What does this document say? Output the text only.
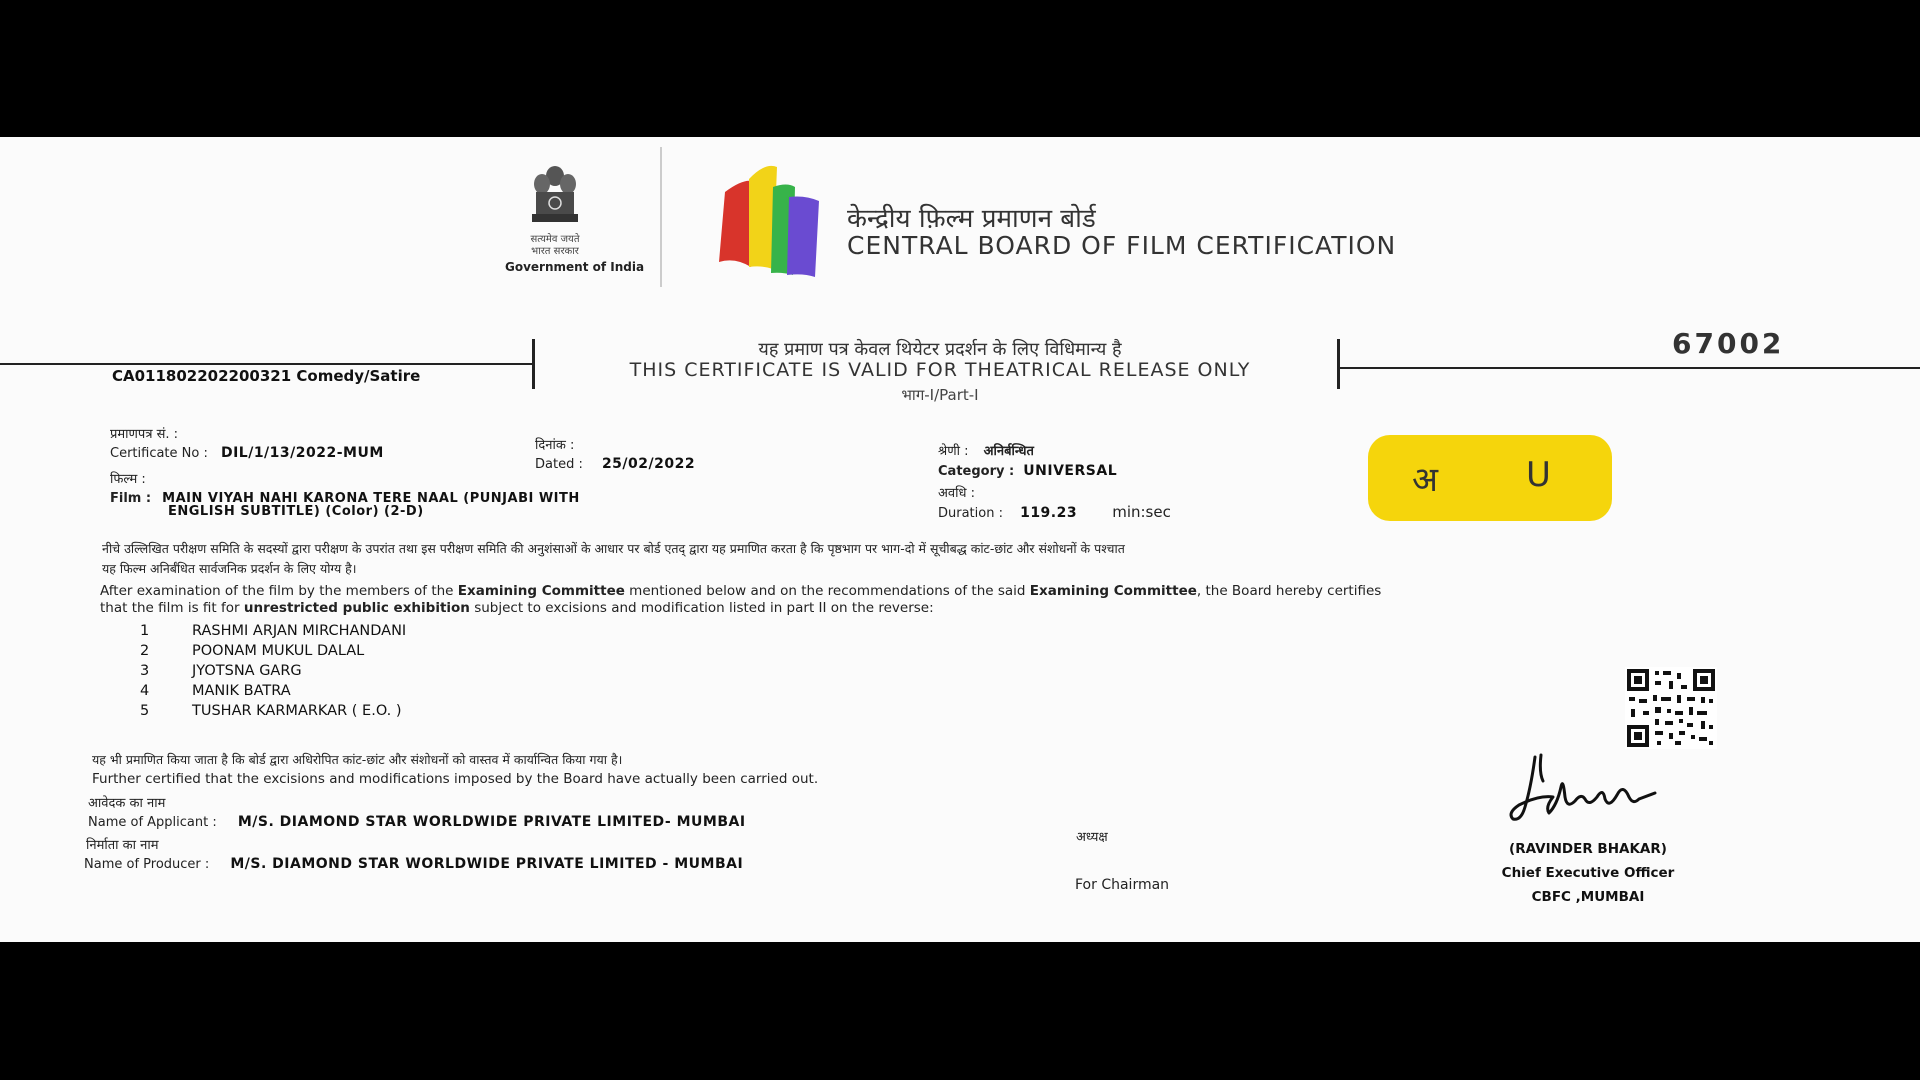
सत्यमेव जयते
भारत सरकार
Government of India
केन्द्रीय फ़िल्म प्रमाणन बोर्ड
CENTRAL BOARD OF FILM CERTIFICATION
यह प्रमाण पत्र केवल थियेटर प्रदर्शन के लिए विधिमान्य है
THIS CERTIFICATE IS VALID FOR THEATRICAL RELEASE ONLY
भाग-I/Part-I
67002
CA011802202200321 Comedy/Satire
प्रमाणपत्र सं. :
Certificate No : DIL/1/13/2022-MUM	दिनांक :
Dated : 25/02/2022
श्रेणी : अनिर्बन्धित
Category : UNIVERSAL
अवधि :
Duration : 119.23 min:sec
फिल्म :
Film : MAIN VIYAH NAHI KARONA TERE NAAL (PUNJABI WITH
ENGLISH SUBTITLE) (Color) (2-D)
अ	U
नीचे उल्लिखित परीक्षण समिति के सदस्यों द्वारा परीक्षण के उपरांत तथा इस परीक्षण समिति की अनुशंसाओं के आधार पर बोर्ड एतद् द्वारा यह प्रमाणित करता है कि पृष्ठभाग पर भाग-दो में सूचीबद्ध कांट-छांट और संशोधनों के पश्चात
यह फिल्म अनिर्बंधित सार्वजनिक प्रदर्शन के लिए योग्य है।
After examination of the film by the members of the Examining Committee mentioned below and on the recommendations of the said Examining Committee, the Board hereby certifies
that the film is fit for unrestricted public exhibition subject to excisions and modification listed in part II on the reverse:
1	RASHMI ARJAN MIRCHANDANI
2	POONAM MUKUL DALAL
3	JYOTSNA GARG
4	MANIK BATRA
5	TUSHAR KARMARKAR ( E.O. )
यह भी प्रमाणित किया जाता है कि बोर्ड द्वारा अधिरोपित कांट-छांट और संशोधनों को वास्तव में कार्यान्वित किया गया है।
Further certified that the excisions and modifications imposed by the Board have actually been carried out.
आवेदक का नाम
Name of Applicant : M/S. DIAMOND STAR WORLDWIDE PRIVATE LIMITED- MUMBAI
निर्माता का नाम
Name of Producer : M/S. DIAMOND STAR WORLDWIDE PRIVATE LIMITED - MUMBAI
अध्यक्ष
For Chairman
(RAVINDER BHAKAR)
Chief Executive Officer
CBFC ,MUMBAI
